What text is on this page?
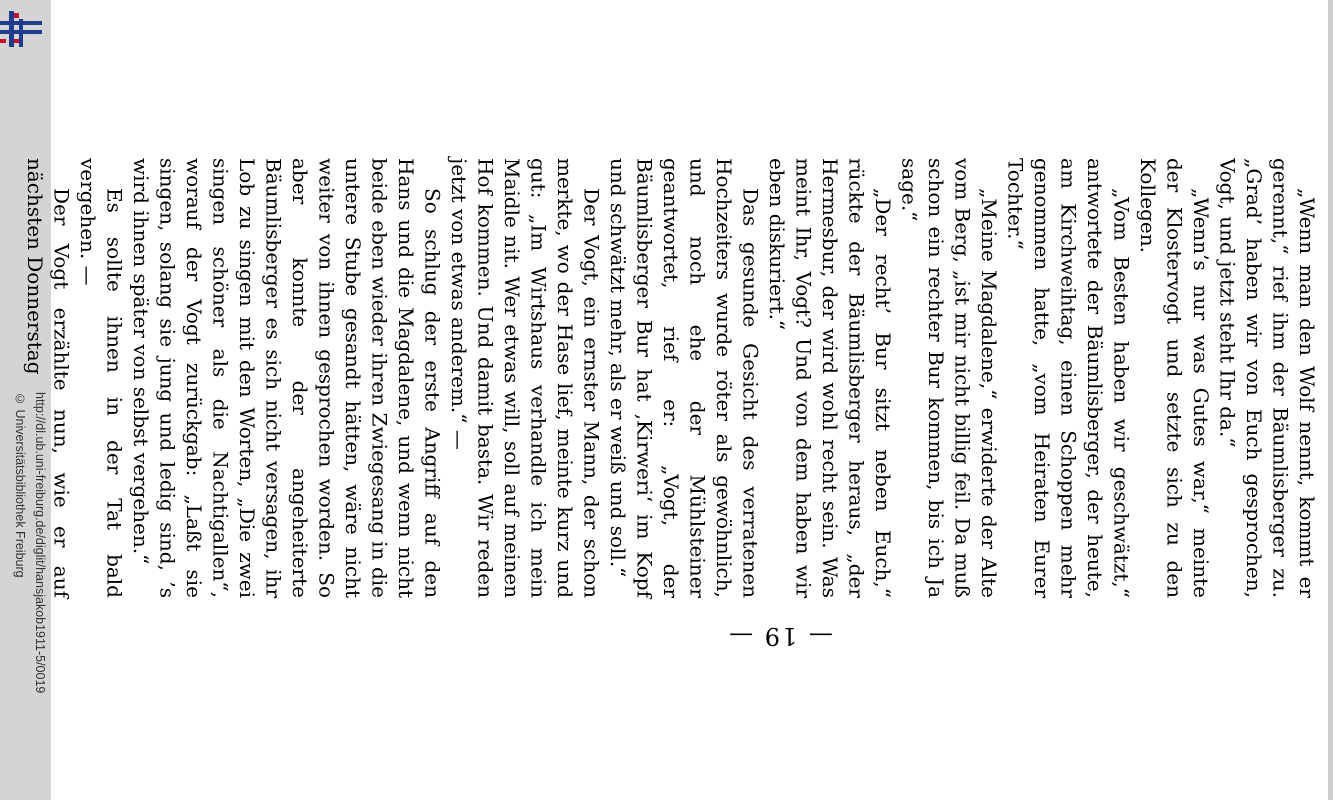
http://dl.ub.uni-freiburg.de/diglit/hansjakob1911-5/0019
© Universitätsbibliothek Freiburg
— 19 —

„Wenn man den Wolf nennt, kommt er gerennt,“ rief ihm der Bäumlisberger zu. „Grad’ haben wir von Euch gesprochen, Vogt, und jetzt steht Ihr da.“

„Wenn’s nur was Gutes war,“ meinte der Klostervogt und setzte sich zu den Kollegen.

„Vom Besten haben wir geschwätzt,“ antwortete der Bäumlisberger, der heute, am Kirchweihtag, einen Schoppen mehr genommen hatte, „vom Heiraten Eurer Tochter.“

„Meine Magdalene,“ erwiderte der Alte vom Berg, „ist mir nicht billig feil. Da muß schon ein rechter Bur kommen, bis ich Ja sage.“

„Der recht’ Bur sitzt neben Euch,“ rückte der Bäumlisberger heraus, „der Hermesbur, der wird wohl recht sein. Was meint Ihr, Vogt? Und von dem haben wir eben diskuriert.“

Das gesunde Gesicht des verratenen Hochzeiters wurde röter als gewöhnlich, und noch ehe der Mühlsteiner geantwortet, rief er: „Vogt, der Bäumlisberger Bur hat ‚Kirweri‘ im Kopf und schwätzt mehr, als er weiß und soll.“

Der Vogt, ein ernster Mann, der schon merkte, wo der Hase lief, meinte kurz und gut: „Im Wirtshaus verhandle ich mein Maidle nit. Wer etwas will, soll auf meinen Hof kommen. Und damit basta. Wir reden jetzt von etwas anderem.“ —

So schlug der erste Angriff auf den Hans und die Magdalene, und wenn nicht beide eben wieder ihren Zwiegesang in die untere Stube gesandt hätten, wäre nicht weiter von ihnen gesprochen worden. So aber konnte der angeheiterte Bäumlisberger es sich nicht versagen, ihr Lob zu singen mit den Worten, „Die zwei singen schöner als die Nachtigallen“, worauf der Vogt zurückgab: „Laßt sie singen, solang sie jung und ledig sind, ’s wird ihnen später von selbst vergehen.“

Es sollte ihnen in der Tat bald vergehen. —

Der Vogt erzählte nun, wie er auf nächsten Donnerstag
